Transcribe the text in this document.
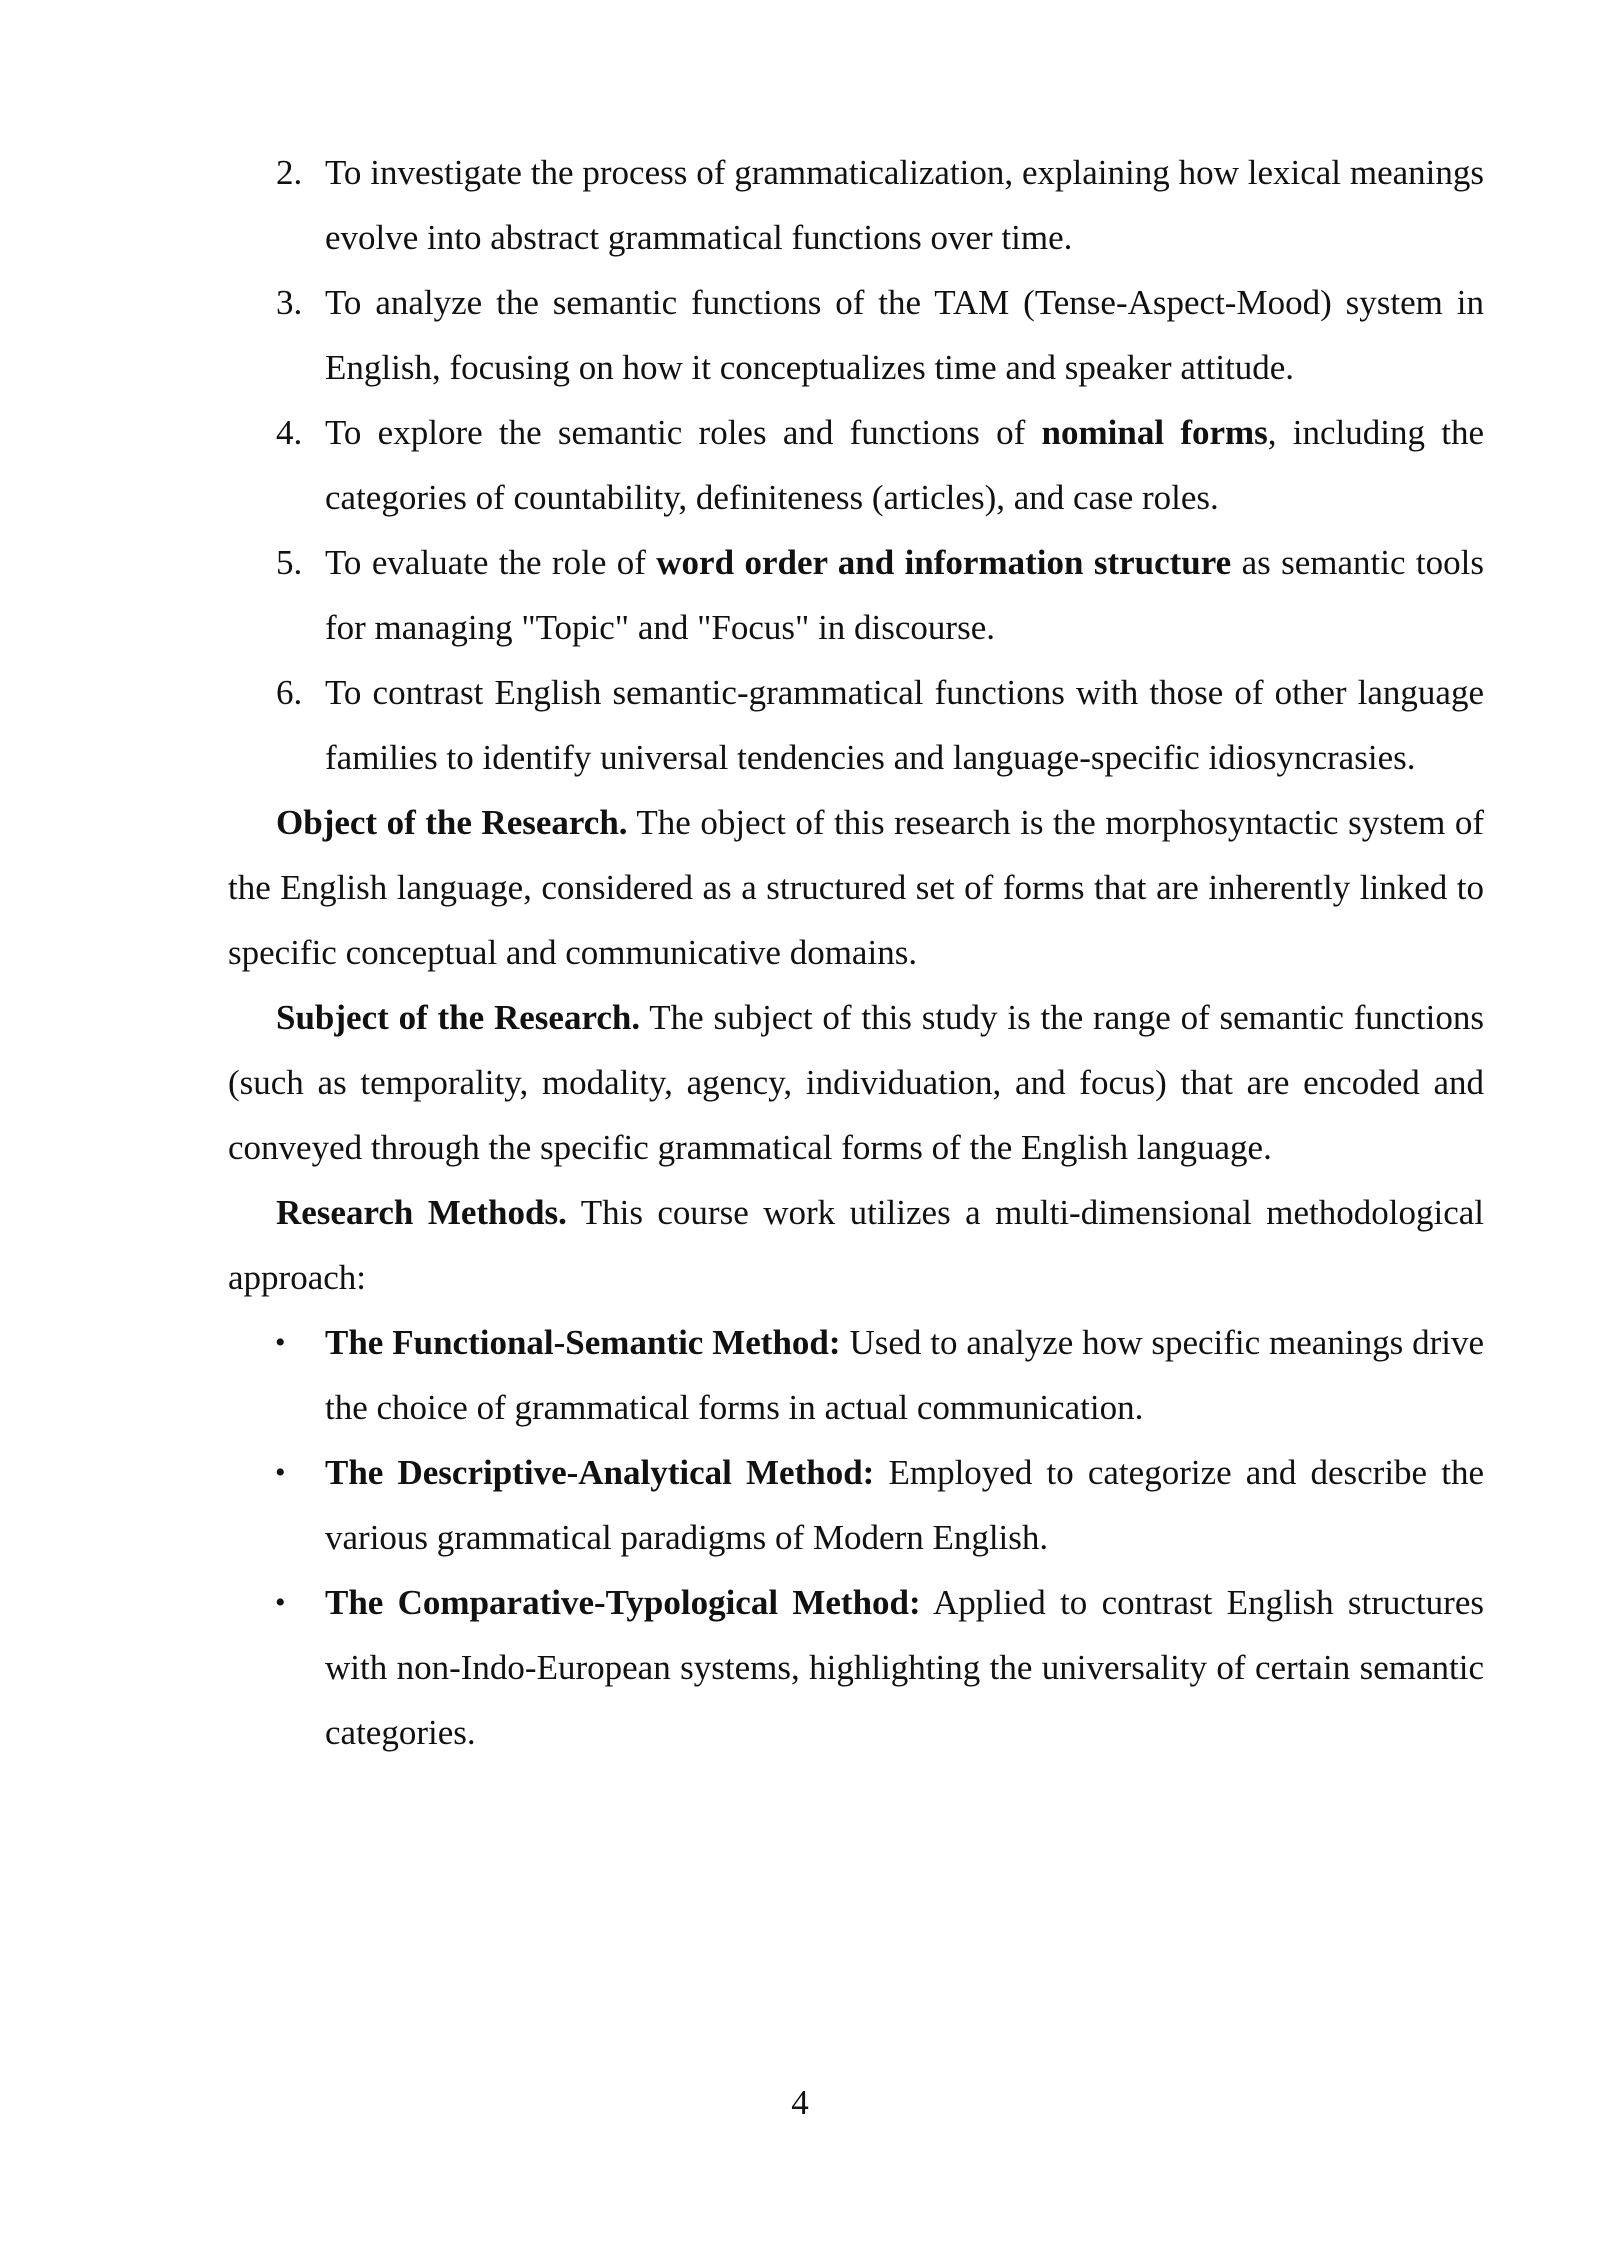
2. To investigate the process of grammaticalization, explaining how lexical meanings evolve into abstract grammatical functions over time.
3. To analyze the semantic functions of the TAM (Tense-Aspect-Mood) system in English, focusing on how it conceptualizes time and speaker attitude.
4. To explore the semantic roles and functions of nominal forms, including the categories of countability, definiteness (articles), and case roles.
5. To evaluate the role of word order and information structure as semantic tools for managing "Topic" and "Focus" in discourse.
6. To contrast English semantic-grammatical functions with those of other language families to identify universal tendencies and language-specific idiosyncrasies.

Object of the Research. The object of this research is the morphosyntactic system of the English language, considered as a structured set of forms that are inherently linked to specific conceptual and communicative domains.

Subject of the Research. The subject of this study is the range of semantic functions (such as temporality, modality, agency, individuation, and focus) that are encoded and conveyed through the specific grammatical forms of the English language.

Research Methods. This course work utilizes a multi-dimensional methodological approach:

• The Functional-Semantic Method: Used to analyze how specific meanings drive the choice of grammatical forms in actual communication.
• The Descriptive-Analytical Method: Employed to categorize and describe the various grammatical paradigms of Modern English.
• The Comparative-Typological Method: Applied to contrast English structures with non-Indo-European systems, highlighting the universality of certain semantic categories.
4
